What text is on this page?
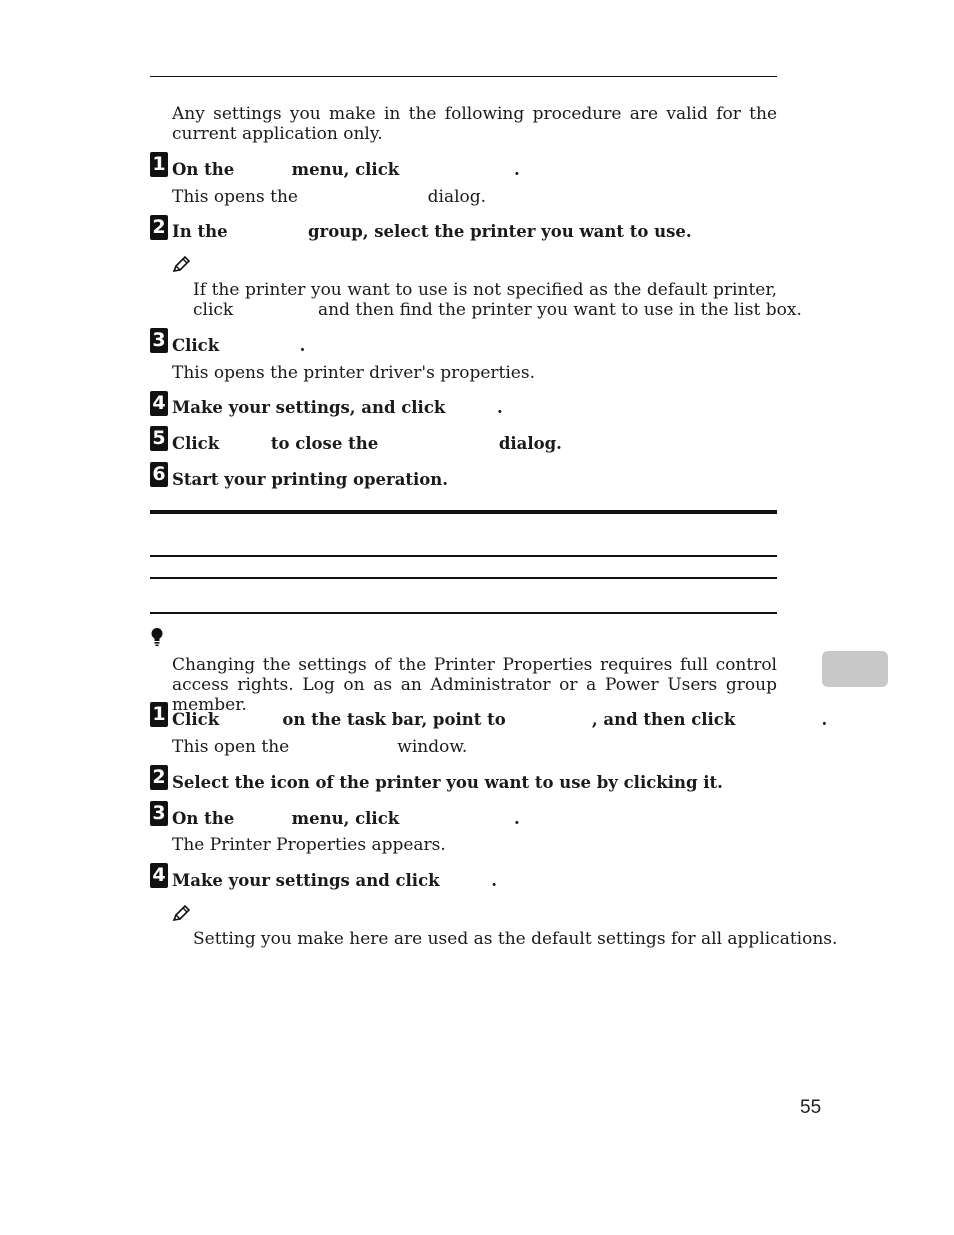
Any settings you make in the following procedure are valid for the current application only.
1 On the          menu, click                    .
This opens the                        dialog.
2 In the              group, select the printer you want to use.
If the printer you want to use is not specified as the default printer, click	and then find the printer you want to use in the list box.
3 Click              .
This opens the printer driver's properties.
4 Make your settings, and click         .
5 Click         to close the                     dialog.
6 Start your printing operation.
Changing the settings of the Printer Properties requires full control access rights. Log on as an Administrator or a Power Users group member.
1 Click           on the task bar, point to               , and then click               .
This open the                    window.
2 Select the icon of the printer you want to use by clicking it.
3 On the          menu, click                    .
The Printer Properties appears.
4 Make your settings and click         .
Setting you make here are used as the default settings for all applications.
55
